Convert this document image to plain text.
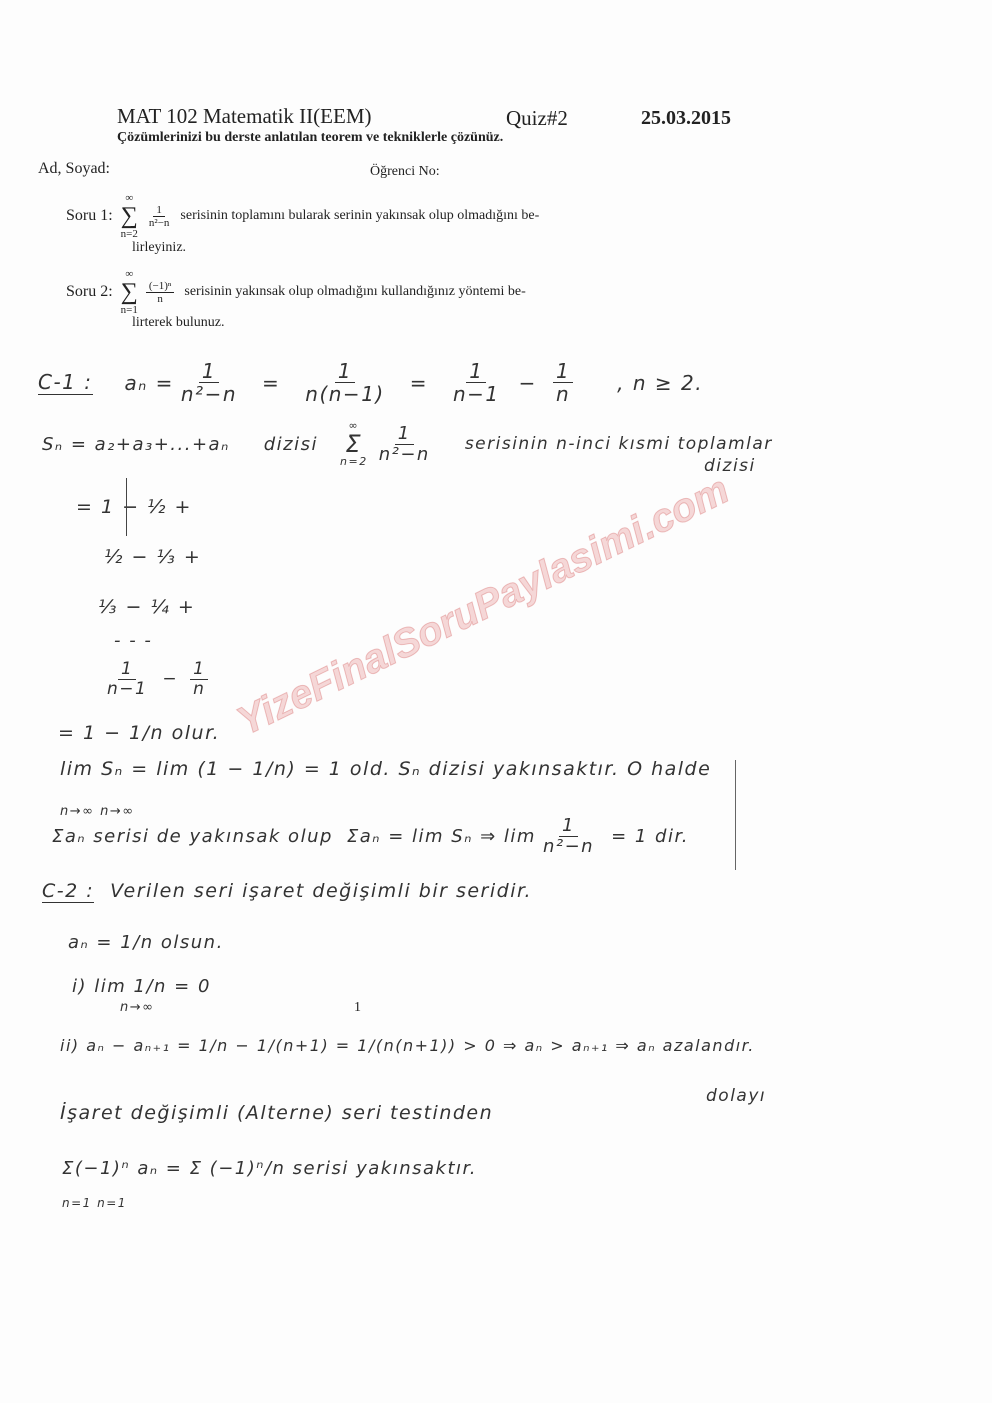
MAT 102 Matematik II(EEM)	Quiz#2	25.03.2015
Çözümlerinizi bu derste anlatılan teorem ve tekniklerle çözünüz.
Ad, Soyad:	Öğrenci No:
Soru 1:
∞
∑
n=2
$\frac{1}{\text{n²−n}}$ serisinin toplamını bularak serinin yakınsak olup olmadığını be-
lirleyiniz.
Soru 2:
∞
∑
n=1
$\frac{\text{(−1)ⁿ}}{n}$ serisinin yakınsak olup olmadığını kullandığınız yöntemi be-
lirterek bulunuz.
C-1 : $a_n = \frac{1}{\text{n²−n}} = \frac{1}{n(n-1)} = \frac{1}{n-1} - \frac{1}{n}$ , n ≥ 2.
Sₙ = a₂+a₃+...+aₙ dizisi
∞
Σ
$n=2 \frac{1}{\text{n²−n}}$ serisinin n-inci kısmi toplamlar
dizisi
= 1 − ½ +
½ − ⅓ +
⅓ − ¼ +
- - -
$\frac{1}{n-1} - \frac{1}{n}$
= 1 − 1/n olur.
lim Sₙ = lim (1 − 1/n) = 1 old. Sₙ dizisi yakınsaktır. O halde
n→∞ n→∞
Σaₙ serisi de yakınsak olup Σaₙ = lim Sₙ ⇒ $\lim \frac{1}{\text{n²−n}} = 1$ dir.
C-2 : Verilen seri işaret değişimli bir seridir.
aₙ = 1/n olsun.
i) lim 1/n = 0
n→∞	1
ii) aₙ − aₙ₊₁ = 1/n − 1/(n+1) = 1/(n(n+1)) > 0 ⇒ aₙ > aₙ₊₁ ⇒ aₙ azalandır.
İşaret değişimli (Alterne) seri testinden
dolayı
Σ(−1)ⁿ aₙ = Σ (−1)ⁿ/n serisi yakınsaktır.
n=1 n=1
YizeFinalSoruPaylasimi.com
